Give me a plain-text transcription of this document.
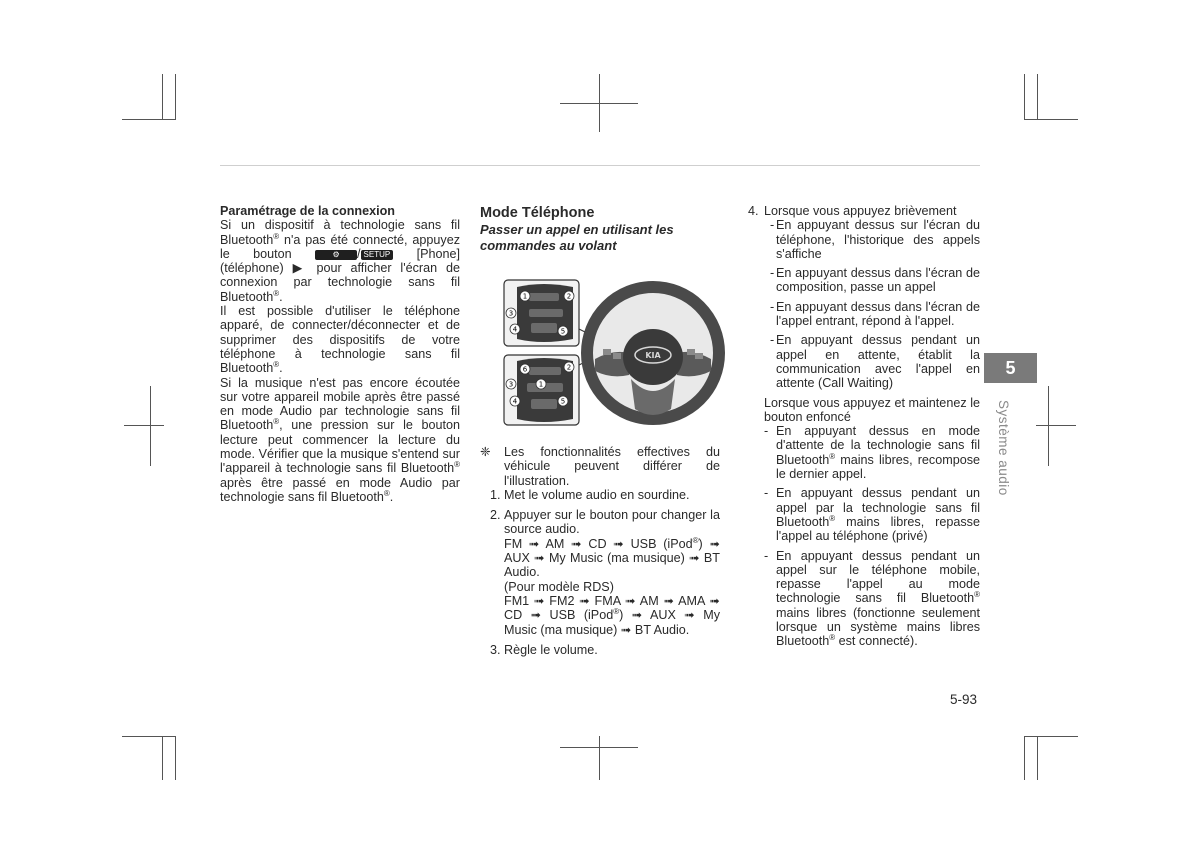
Paramétrage de la connexion

Si un dispositif à technologie sans fil Bluetooth® n'a pas été connecté, appuyez le bouton ⚙ / SETUP [Phone] (téléphone) ▶ pour afficher l'écran de connexion par technologie sans fil Bluetooth®.

Il est possible d'utiliser le téléphone apparé, de connecter/déconnecter et de supprimer des dispositifs de votre téléphone à technologie sans fil Bluetooth®.

Si la musique n'est pas encore écoutée sur votre appareil mobile après être passé en mode Audio par technologie sans fil Bluetooth®, une pression sur le bouton lecture peut commencer la lecture du mode. Vérifier que la musique s'entend sur l'appareil à technologie sans fil Bluetooth® après être passé en mode Audio par technologie sans fil Bluetooth®.

Mode Téléphone

Passer un appel en utilisant les commandes au volant

KIA
1	2
3
4	5
6	2
3	1
4	5

❈ Les fonctionnalités effectives du véhicule peuvent différer de l'illustration.

1. Met le volume audio en sourdine.

2. Appuyer sur le bouton pour changer la source audio.
FM ➟ AM ➟ CD ➟ USB (iPod®) ➟ AUX ➟ My Music (ma musique) ➟ BT Audio.
(Pour modèle RDS)
FM1 ➟ FM2 ➟ FMA ➟ AM ➟ AMA ➟ CD ➟ USB (iPod®) ➟ AUX ➟ My Music (ma musique) ➟ BT Audio.

3. Règle le volume.

4. Lorsque vous appuyez brièvement

- En appuyant dessus sur l'écran du téléphone, l'historique des appels s'affiche

- En appuyant dessus dans l'écran de composition, passe un appel

- En appuyant dessus dans l'écran de l'appel entrant, répond à l'appel.

- En appuyant dessus pendant un appel en attente, établit la communication avec l'appel en attente (Call Waiting)

Lorsque vous appuyez et maintenez le bouton enfoncé

- En appuyant dessus en mode d'attente de la technologie sans fil Bluetooth® mains libres, recompose le dernier appel.

- En appuyant dessus pendant un appel par la technologie sans fil Bluetooth® mains libres, repasse l'appel au téléphone (privé)

- En appuyant dessus pendant un appel sur le téléphone mobile, repasse l'appel au mode technologie sans fil Bluetooth® mains libres (fonctionne seulement lorsque un système mains libres Bluetooth® est connecté).

5
Système audio
5-93
